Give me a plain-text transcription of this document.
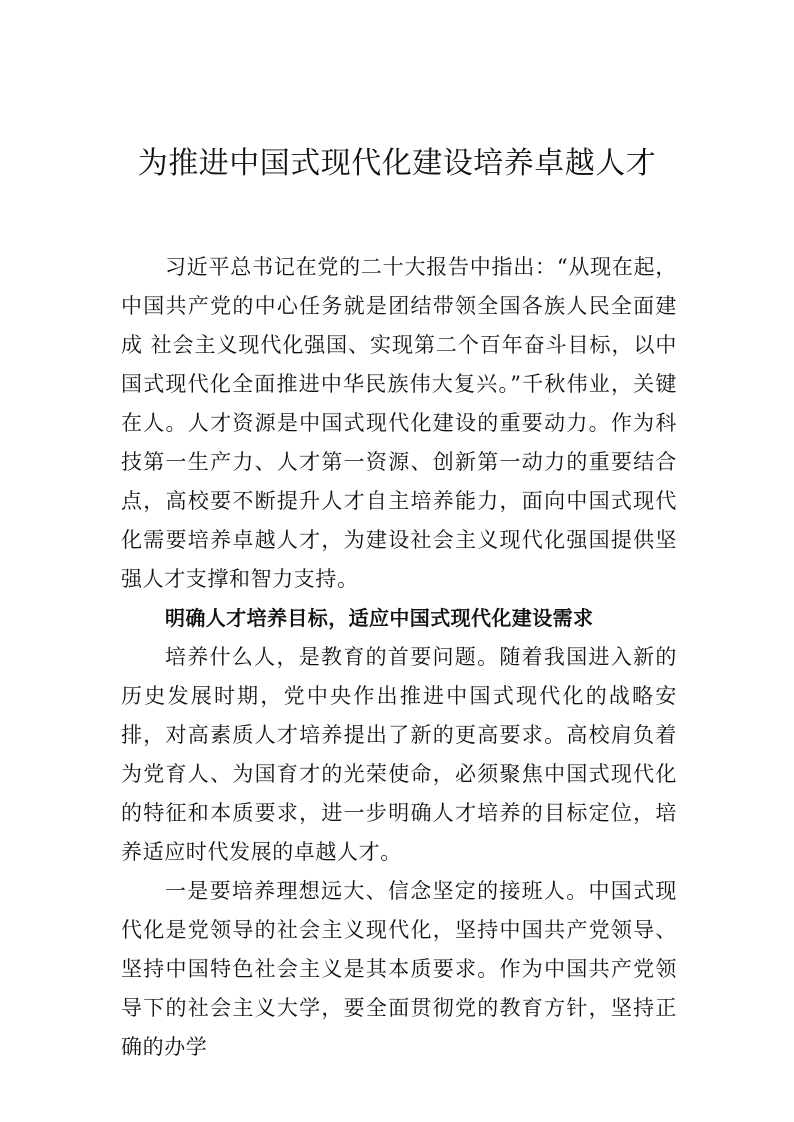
为推进中国式现代化建设培养卓越人才

习近平总书记在党的二十大报告中指出：“从现在起，中国共产党的中心任务就是团结带领全国各族人民全面建成 社会主义现代化强国、实现第二个百年奋斗目标，以中国式现代化全面推进中华民族伟大复兴。”千秋伟业，关键在人。人才资源是中国式现代化建设的重要动力。作为科技第一生产力、人才第一资源、创新第一动力的重要结合点，高校要不断提升人才自主培养能力，面向中国式现代化需要培养卓越人才，为建设社会主义现代化强国提供坚强人才支撑和智力支持。

明确人才培养目标，适应中国式现代化建设需求

培养什么人，是教育的首要问题。随着我国进入新的历史发展时期，党中央作出推进中国式现代化的战略安排，对高素质人才培养提出了新的更高要求。高校肩负着为党育人、为国育才的光荣使命，必须聚焦中国式现代化的特征和本质要求，进一步明确人才培养的目标定位，培养适应时代发展的卓越人才。

一是要培养理想远大、信念坚定的接班人。中国式现代化是党领导的社会主义现代化，坚持中国共产党领导、坚持中国特色社会主义是其本质要求。作为中国共产党领导下的社会主义大学，要全面贯彻党的教育方针，坚持正确的办学
